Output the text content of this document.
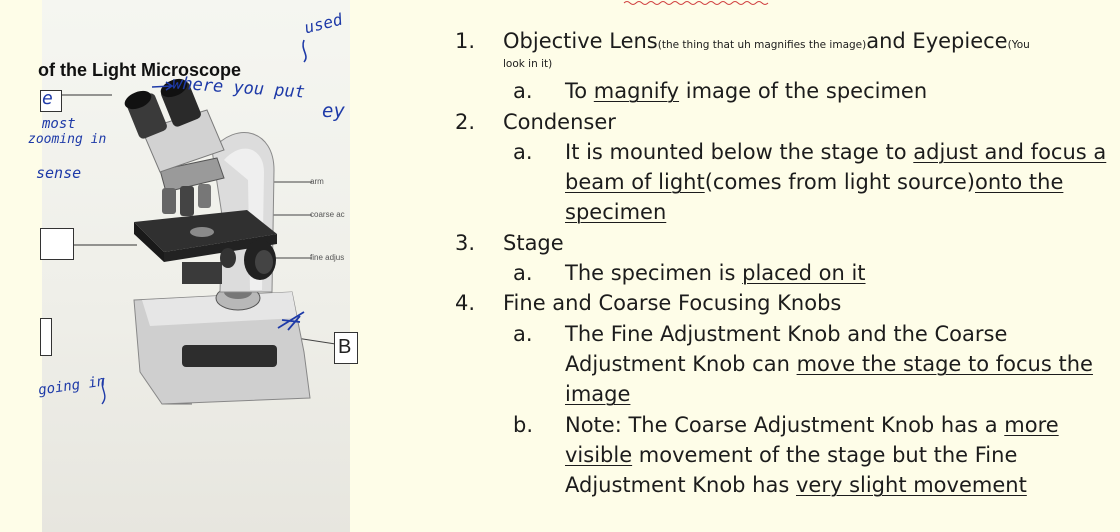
of the Light Microscope

e

B

arm

coarse ac

fine adjus

used

where you put

ey

most

zooming in

sense

going in

1. Objective Lens(the thing that uh magnifies the image)and Eyepiece(You
look in it)
a. To magnify image of the specimen
2. Condenser
a. It is mounted below the stage to adjust and focus a beam of light(comes from light source)onto the specimen
3. Stage
a. The specimen is placed on it
4. Fine and Coarse Focusing Knobs
a. The Fine Adjustment Knob and the Coarse Adjustment Knob can move the stage to focus the image
b. Note: The Coarse Adjustment Knob has a more visible movement of the stage but the Fine Adjustment Knob has very slight movement
